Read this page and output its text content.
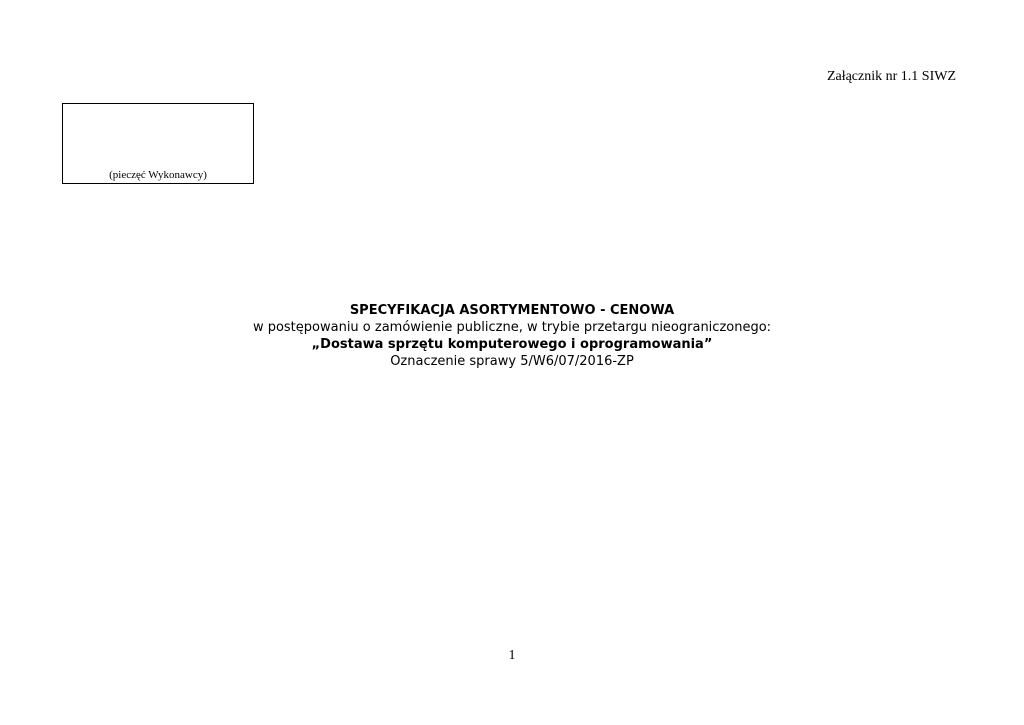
Załącznik nr 1.1 SIWZ
(pieczęć Wykonawcy)
SPECYFIKACJA ASORTYMENTOWO - CENOWA
w postępowaniu o zamówienie publiczne, w trybie przetargu nieograniczonego:
„Dostawa sprzętu komputerowego i oprogramowania”
Oznaczenie sprawy 5/W6/07/2016-ZP
1
